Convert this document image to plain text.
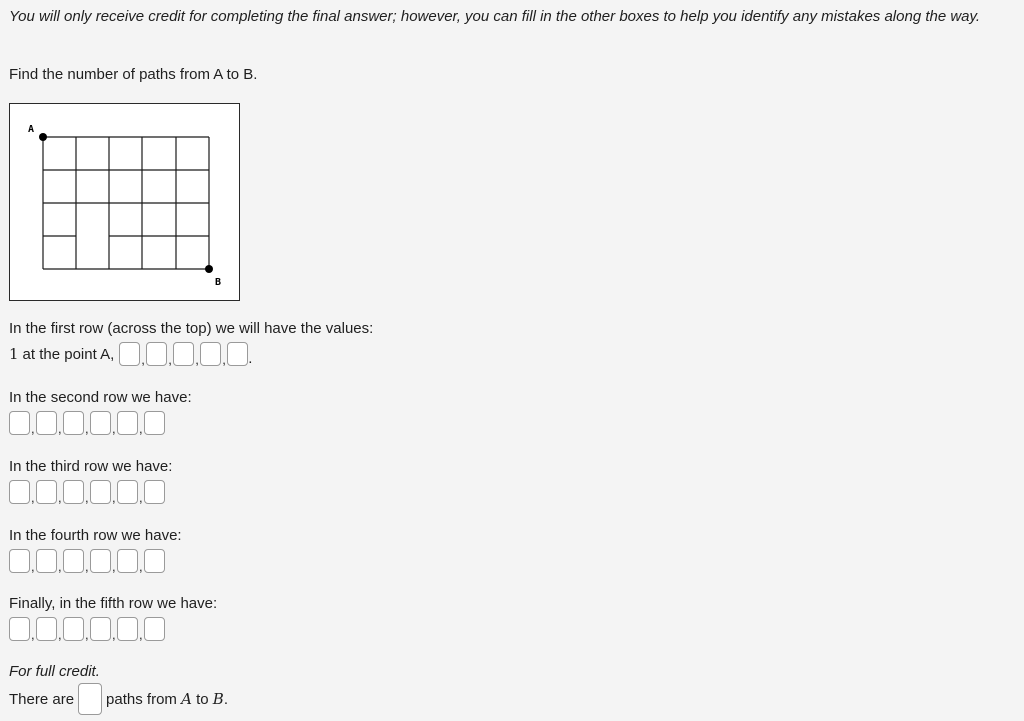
You will only receive credit for completing the final answer; however, you can fill in the other boxes to help you identify any mistakes along the way.
Find the number of paths from A to B.
A
B
In the first row (across the top) we will have the values:
1 at the point A, , , , , .
In the second row we have:
, , , , ,
In the third row we have:
, , , , ,
In the fourth row we have:
, , , , ,
Finally, in the fifth row we have:
, , , , ,
For full credit.
There are paths from
A
to
B .
